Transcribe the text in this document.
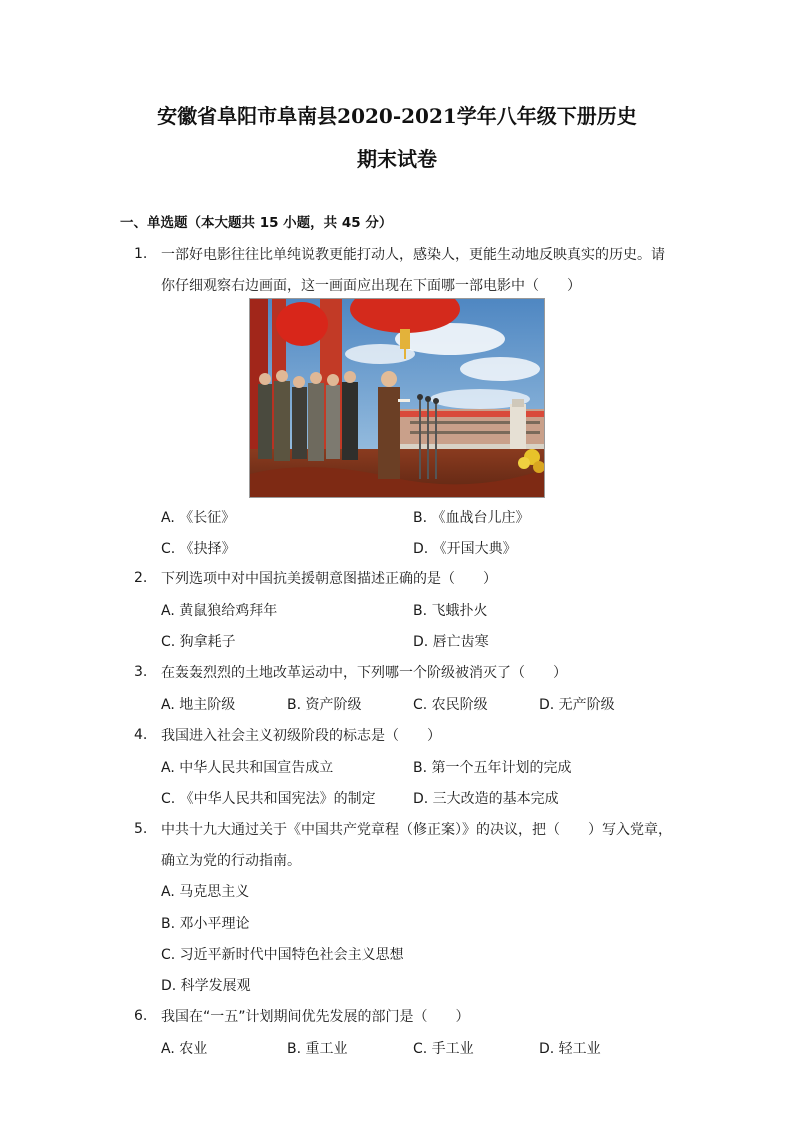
安徽省阜阳市阜南县2020-2021学年八年级下册历史
期末试卷
一、单选题（本大题共 15 小题，共 45 分）
1. 一部好电影往往比单纯说教更能打动人，感染人，更能生动地反映真实的历史。请
你仔细观察右边画面，这一画面应出现在下面哪一部电影中（　　）
A. 《长征》	B. 《血战台儿庄》
C. 《抉择》	D. 《开国大典》
2. 下列选项中对中国抗美援朝意图描述正确的是（　　）
A. 黄鼠狼给鸡拜年	B. 飞蛾扑火
C. 狗拿耗子	D. 唇亡齿寒
3. 在轰轰烈烈的土地改革运动中，下列哪一个阶级被消灭了（　　）
A. 地主阶级	B. 资产阶级	C. 农民阶级	D. 无产阶级
4. 我国进入社会主义初级阶段的标志是（　　）
A. 中华人民共和国宣告成立	B. 第一个五年计划的完成
C. 《中华人民共和国宪法》的制定	D. 三大改造的基本完成
5. 中共十九大通过关于《中国共产党章程（修正案）》的决议，把（　　）写入党章，
确立为党的行动指南。
A. 马克思主义
B. 邓小平理论
C. 习近平新时代中国特色社会主义思想
D. 科学发展观
6. 我国在“一五”计划期间优先发展的部门是（　　）
A. 农业	B. 重工业	C. 手工业	D. 轻工业
